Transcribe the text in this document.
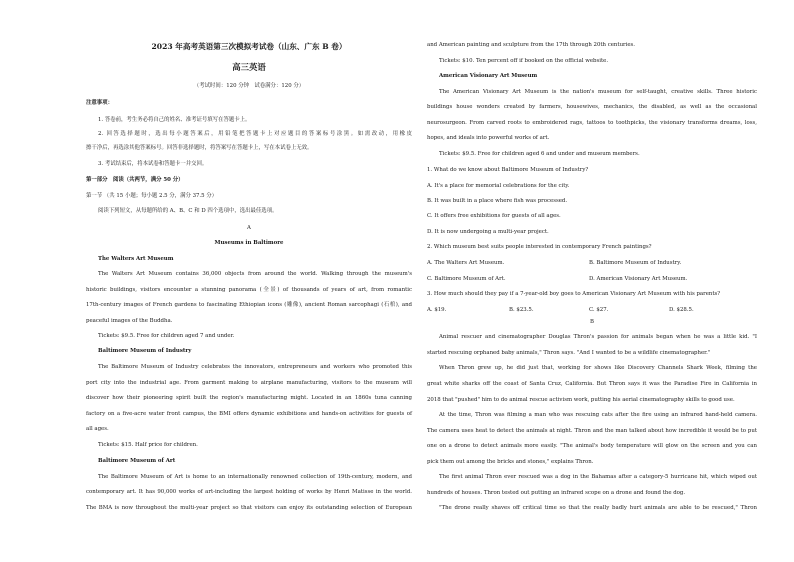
2023 年高考英语第三次模拟考试卷（山东、广东 B 卷）
高三英语
（考试时间：120 分钟　试卷满分：120 分）
注意事项：
1. 答卷前，考生务必将自己的姓名、准考证号填写在答题卡上。
2. 回答选择题时，选出每小题答案后，用铅笔把答题卡上对应题目的答案标号涂黑。如需改动，用橡皮
擦干净后，再选涂其他答案标号。回答非选择题时，将答案写在答题卡上，写在本试卷上无效。
3. 考试结束后，将本试卷和答题卡一并交回。
第一部分　阅读（共两节，满分 50 分）
第一节 （共 15 小题；每小题 2.5 分，满分 37.5 分）
阅读下列短文，从每题所给的 A、B、C 和 D 四个选项中，选出最佳选项。
A
Museums in Baltimore
The Walters Art Museum
The Walters Art Museum contains 36,000 objects from around the world. Walking through the museum's
historic buildings, visitors encounter a stunning panorama (全景) of thousands of years of art, from romantic
17th-century images of French gardens to fascinating Ethiopian icons (雕像), ancient Roman sarcophagi (石棺), and
peaceful images of the Buddha.
Tickets: $9.5. Free for children aged 7 and under.
Baltimore Museum of Industry
The Baltimore Museum of Industry celebrates the innovators, entrepreneurs and workers who promoted this
port city into the industrial age. From garment making to airplane manufacturing, visitors to the museum will
discover how their pioneering spirit built the region's manufacturing might. Located in an 1860s tuna canning
factory on a five-acre water front campus, the BMI offers dynamic exhibitions and hands-on activities for guests of
all ages.
Tickets: $15. Half price for children.
Baltimore Museum of Art
The Baltimore Museum of Art is home to an internationally renowned collection of 19th-century, modern, and
contemporary art. It has 90,000 works of art-including the largest holding of works by Henri Matisse in the world.
The BMA is now throughout the multi-year project so that visitors can enjoy its outstanding selection of European
and American painting and sculpture from the 17th through 20th centuries.
Tickets: $10. Ten percent off if booked on the official website.
American Visionary Art Museum
The American Visionary Art Museum is the nation's museum for self-taught, creative skills. Three historic
buildings house wonders created by farmers, housewives, mechanics, the disabled, as well as the occasional
neurosurgeon. From carved roots to embroidered rags, tattoos to toothpicks, the visionary transforms dreams, loss,
hopes, and ideals into powerful works of art.
Tickets: $9.5. Free for children aged 6 and under and museum members.
1. What do we know about Baltimore Museum of Industry?
A. It's a place for memorial celebrations for the city.
B. It was built in a place where fish was processed.
C. It offers free exhibitions for guests of all ages.
D. It is now undergoing a multi-year project.
2. Which museum best suits people interested in contemporary French paintings?
A. The Walters Art Museum.	B. Baltimore Museum of Industry.
C. Baltimore Museum of Art.	D. American Visionary Art Museum.
3. How much should they pay if a 7-year-old boy goes to American Visionary Art Museum with his parents?
A. $19.	B. $23.5.	C. $27.	D. $28.5.
B
Animal rescuer and cinematographer Douglas Thron's passion for animals began when he was a little kid. "I
started rescuing orphaned baby animals," Thron says. "And I wanted to be a wildlife cinematographer."
When Thron grew up, he did just that, working for shows like Discovery Channels Shark Week, filming the
great white sharks off the coast of Santa Cruz, California. But Thron says it was the Paradise Fire in California in
2018 that "pushed" him to do animal rescue activism work, putting his aerial cinematography skills to good use.
At the time, Thron was filming a man who was rescuing cats after the fire using an infrared hand-held camera.
The camera uses heat to detect the animals at night. Thron and the man talked about how incredible it would be to put
one on a drone to detect animals more easily. "The animal's body temperature will glow on the screen and you can
pick them out among the bricks and stones," explains Thron.
The first animal Thron ever rescued was a dog in the Bahamas after a category-5 hurricane hit, which wiped out
hundreds of houses. Thron tested out putting an infrared scope on a drone and found the dog.
"The drone really shaves off critical time so that the really badly hurt animals are able to be rescued," Thron
